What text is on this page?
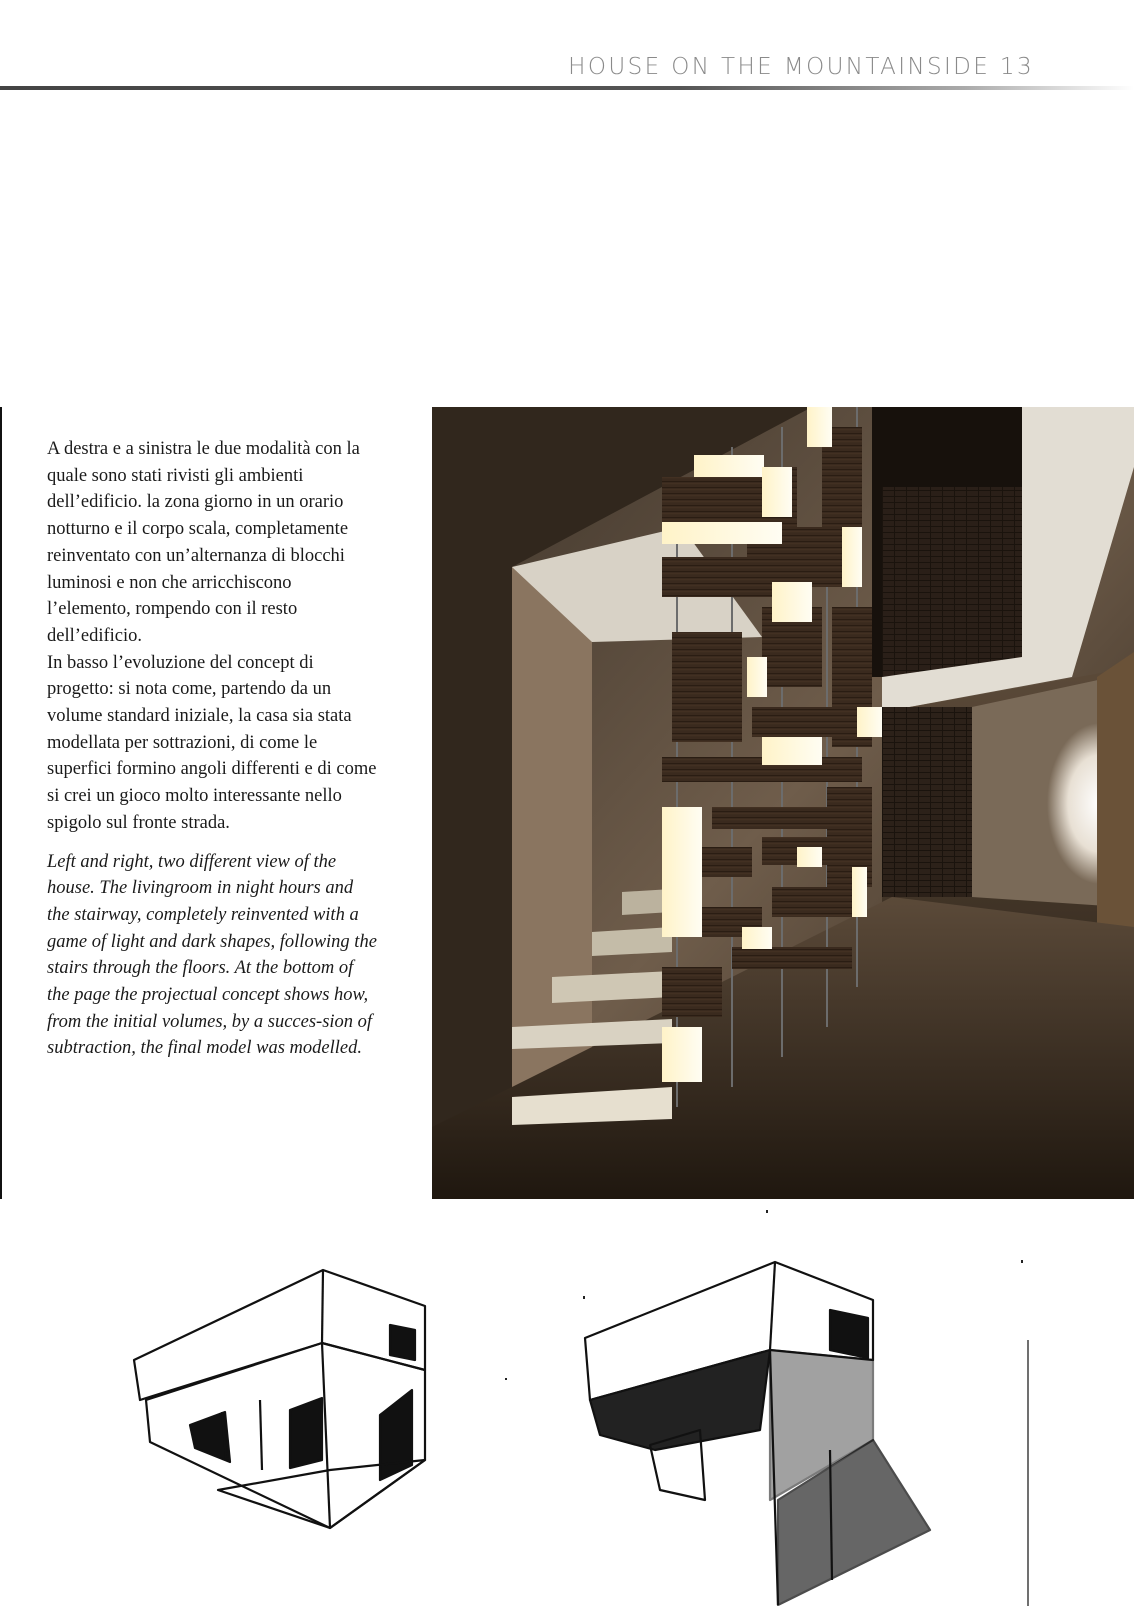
HOUSE ON THE MOUNTAINSIDE 13

A destra e a sinistra le due modalità con la quale sono stati rivisti gli ambienti dell’edificio. la zona giorno in un orario notturno e il corpo scala, completamente reinventato con un’alternanza di blocchi luminosi e non che arricchiscono l’elemento, rompendo con il resto dell’edificio.
In basso l’evoluzione del concept di progetto: si nota come, partendo da un volume standard iniziale, la casa sia stata modellata per sottrazioni, di come le superfici formino angoli differenti e di come si crei un gioco molto interessante nello spigolo sul fronte strada.

Left and right, two different view of the house. The livingroom in night hours and the stairway, completely reinvented with a game of light and dark shapes, following the stairs through the floors. At the bottom of the page the projectual concept shows how, from the initial volumes, by a succes-sion of subtraction, the final model was modelled.
